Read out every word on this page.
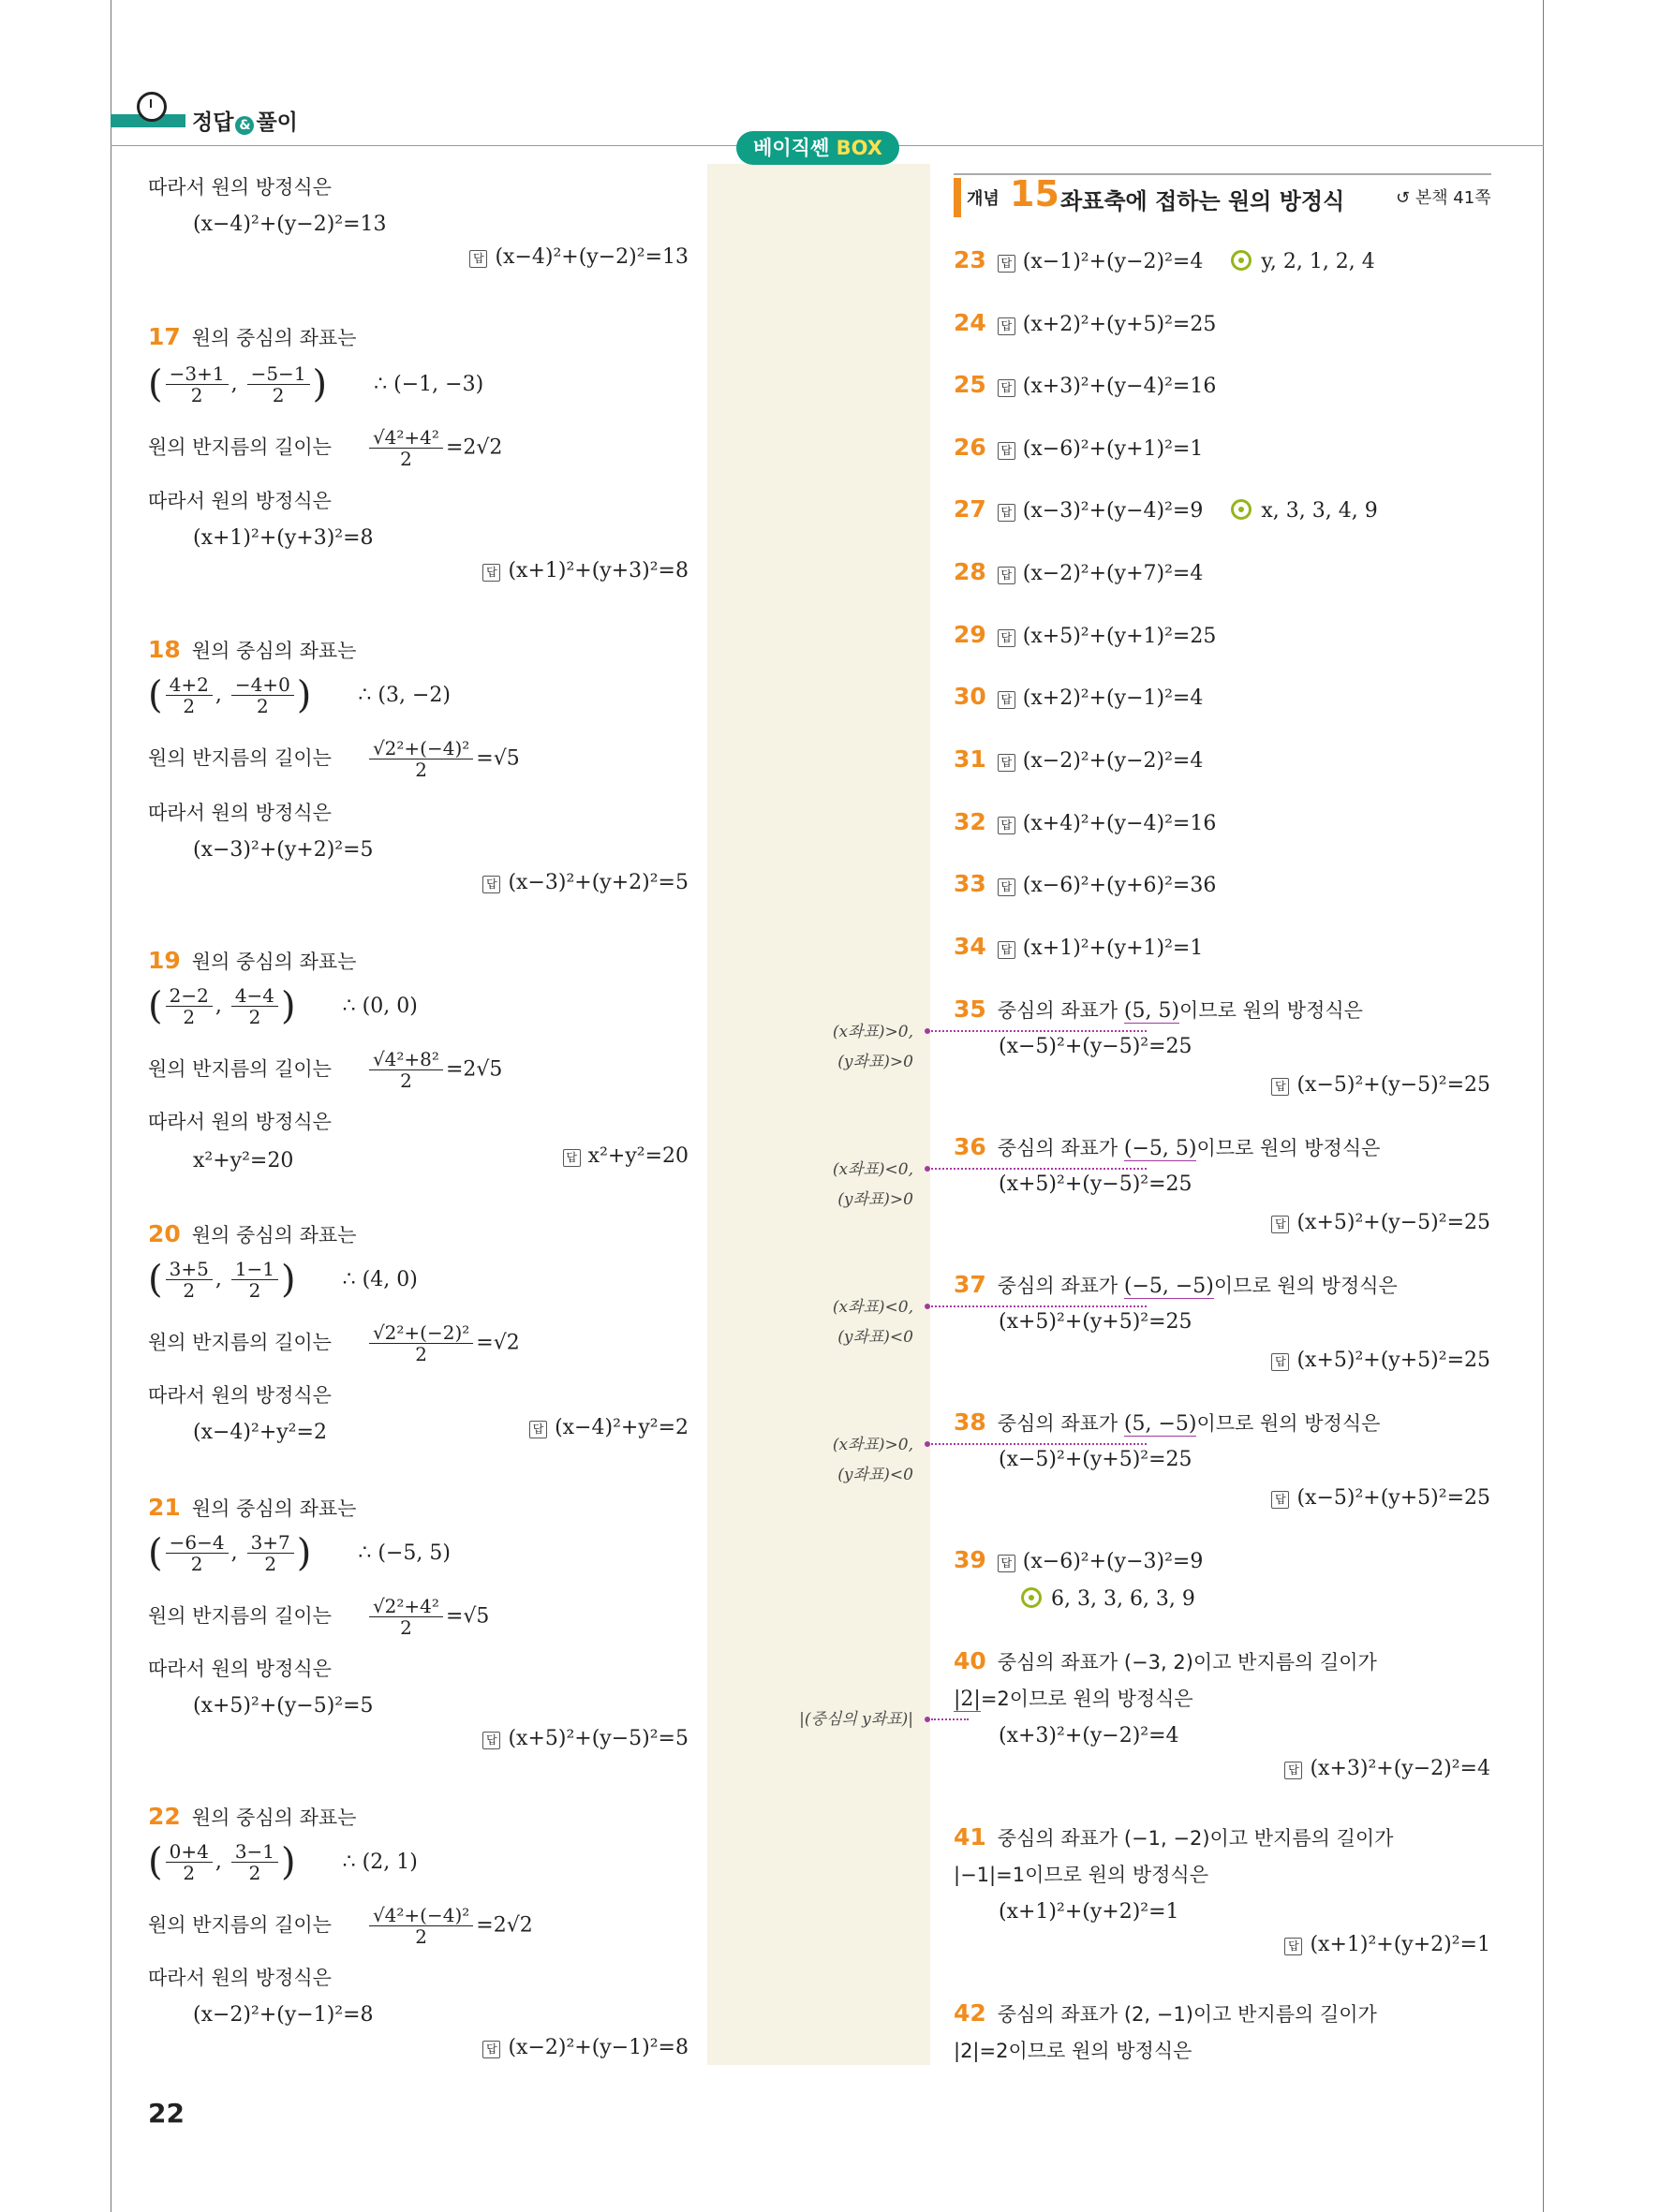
정답 & 풀이
베이직쎈 BOX
따라서 원의 방정식은
(x−4)²+(y−2)²=13
답 (x−4)²+(y−2)²=13
17 원의 중심의 좌표는
( $\frac{-3+1}{2}$ , $\frac{-5-1}{2}$ ) ∴ (−1, −3)
원의 반지름의 길이는 $\frac{\text{√4²+4²}}{2} =2√2$
따라서 원의 방정식은
(x+1)²+(y+3)²=8
답 (x+1)²+(y+3)²=8
18 원의 중심의 좌표는
( $\frac{4+2}{2}$ , $\frac{-4+0}{2}$ ) ∴ (3, −2)
원의 반지름의 길이는 $\frac{\text{√2²+(−4)²}}{2} =√5$
따라서 원의 방정식은
(x−3)²+(y+2)²=5
답 (x−3)²+(y+2)²=5
19 원의 중심의 좌표는
( $\frac{2-2}{2}$ , $\frac{4-4}{2}$ ) ∴ (0, 0)
원의 반지름의 길이는 $\frac{\text{√4²+8²}}{2} =2√5$
따라서 원의 방정식은
x²+y²=20	답 x²+y²=20
20 원의 중심의 좌표는
( $\frac{3+5}{2}$ , $\frac{1-1}{2}$ ) ∴ (4, 0)
원의 반지름의 길이는 $\frac{\text{√2²+(−2)²}}{2} =√2$
따라서 원의 방정식은
(x−4)²+y²=2	답 (x−4)²+y²=2
21 원의 중심의 좌표는
( $\frac{-6-4}{2}$ , $\frac{3+7}{2}$ ) ∴ (−5, 5)
원의 반지름의 길이는 $\frac{\text{√2²+4²}}{2} =√5$
따라서 원의 방정식은
(x+5)²+(y−5)²=5
답 (x+5)²+(y−5)²=5
22 원의 중심의 좌표는
( $\frac{0+4}{2}$ , $\frac{3-1}{2}$ ) ∴ (2, 1)
원의 반지름의 길이는 $\frac{\text{√4²+(−4)²}}{2} =2√2$
따라서 원의 방정식은
(x−2)²+(y−1)²=8
답 (x−2)²+(y−1)²=8
개념 15 좌표축에 접하는 원의 방정식	↺ 본책 41쪽
23 답 (x−1)²+(y−2)²=4	y, 2, 1, 2, 4
24 답 (x+2)²+(y+5)²=25
25 답 (x+3)²+(y−4)²=16
26 답 (x−6)²+(y+1)²=1
27 답 (x−3)²+(y−4)²=9	x, 3, 3, 4, 9
28 답 (x−2)²+(y+7)²=4
29 답 (x+5)²+(y+1)²=25
30 답 (x+2)²+(y−1)²=4
31 답 (x−2)²+(y−2)²=4
32 답 (x+4)²+(y−4)²=16
33 답 (x−6)²+(y+6)²=36
34 답 (x+1)²+(y+1)²=1
35 중심의 좌표가 (5, 5)이므로 원의 방정식은
(x−5)²+(y−5)²=25
답 (x−5)²+(y−5)²=25
36 중심의 좌표가 (−5, 5)이므로 원의 방정식은
(x+5)²+(y−5)²=25
답 (x+5)²+(y−5)²=25
37 중심의 좌표가 (−5, −5)이므로 원의 방정식은
(x+5)²+(y+5)²=25
답 (x+5)²+(y+5)²=25
38 중심의 좌표가 (5, −5)이므로 원의 방정식은
(x−5)²+(y+5)²=25
답 (x−5)²+(y+5)²=25
39 답 (x−6)²+(y−3)²=9
6, 3, 3, 6, 3, 9
40 중심의 좌표가 (−3, 2)이고 반지름의 길이가
|2|=2이므로 원의 방정식은
(x+3)²+(y−2)²=4
답 (x+3)²+(y−2)²=4
41 중심의 좌표가 (−1, −2)이고 반지름의 길이가
|−1|=1이므로 원의 방정식은
(x+1)²+(y+2)²=1
답 (x+1)²+(y+2)²=1
42 중심의 좌표가 (2, −1)이고 반지름의 길이가
|2|=2이므로 원의 방정식은
(x좌표)>0,
(y좌표)>0
(x좌표)<0,
(y좌표)>0
(x좌표)<0,
(y좌표)<0
(x좌표)>0,
(y좌표)<0
|(중심의 y좌표)|
22
